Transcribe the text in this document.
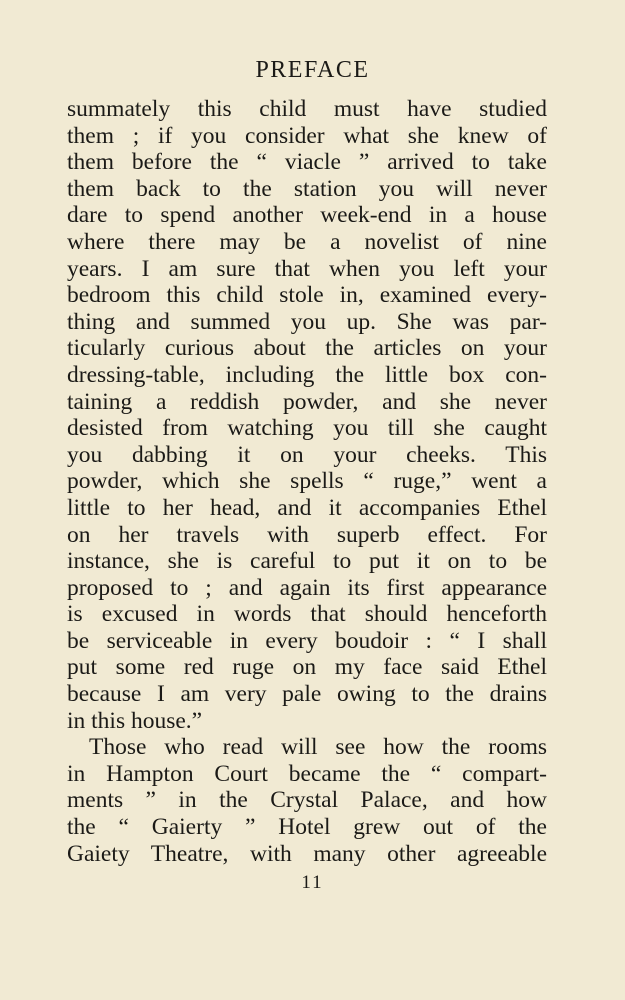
PREFACE
summately this child must have studied
them ; if you consider what she knew of
them before the “ viacle ” arrived to take
them back to the station you will never
dare to spend another week-end in a house
where there may be a novelist of nine
years. I am sure that when you left your
bedroom this child stole in, examined every-
thing and summed you up. She was par-
ticularly curious about the articles on your
dressing-table, including the little box con-
taining a reddish powder, and she never
desisted from watching you till she caught
you dabbing it on your cheeks. This
powder, which she spells “ ruge,” went a
little to her head, and it accompanies Ethel
on her travels with superb effect. For
instance, she is careful to put it on to be
proposed to ; and again its first appearance
is excused in words that should henceforth
be serviceable in every boudoir : “ I shall
put some red ruge on my face said Ethel
because I am very pale owing to the drains
in this house.”
Those who read will see how the rooms
in Hampton Court became the “ compart-
ments ” in the Crystal Palace, and how
the “ Gaierty ” Hotel grew out of the
Gaiety Theatre, with many other agreeable
11
